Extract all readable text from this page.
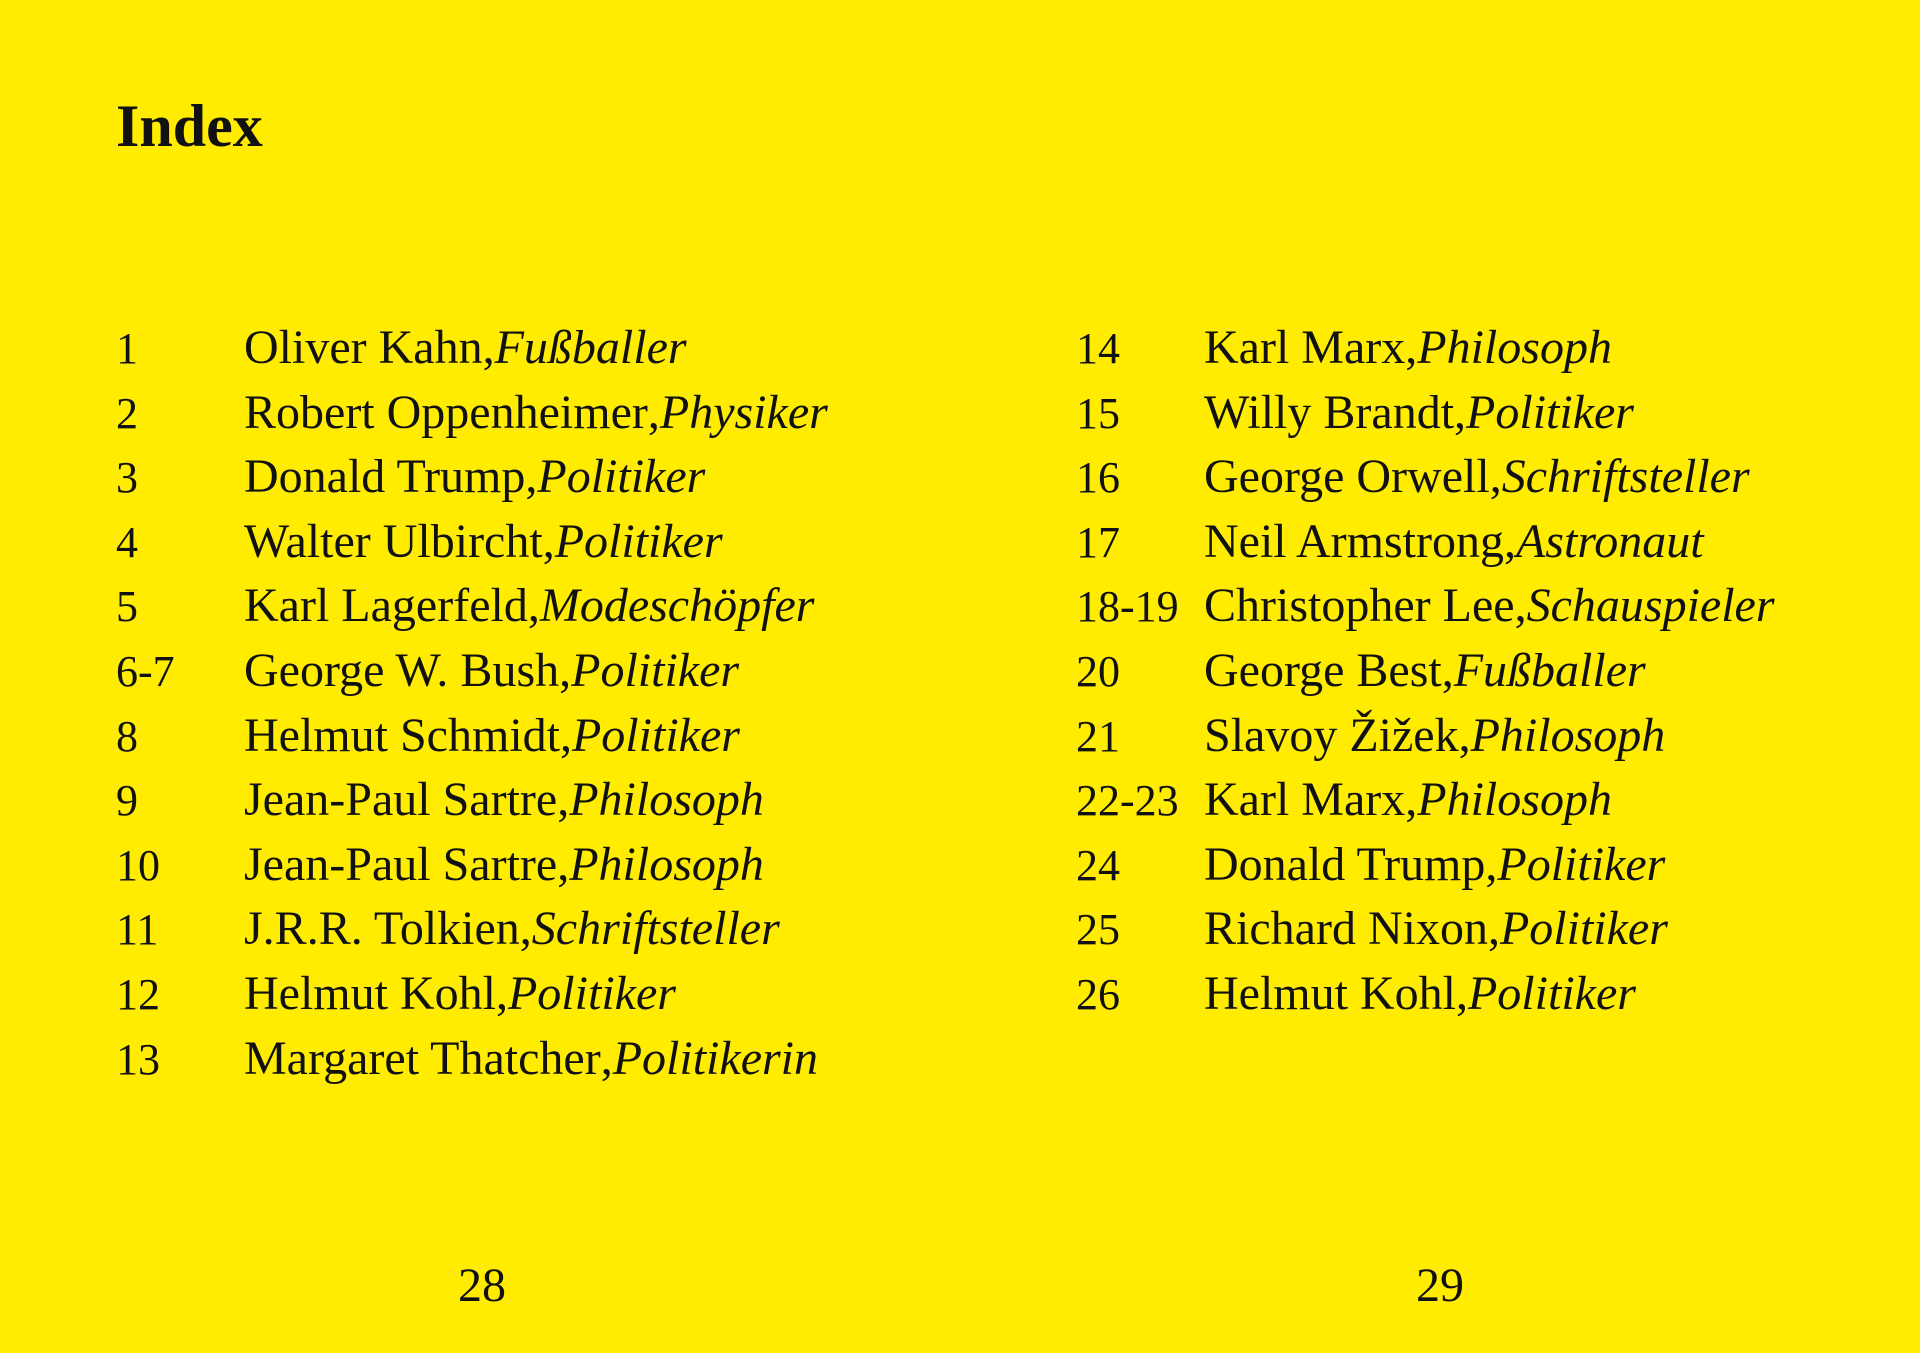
Index
1	Oliver Kahn , Fußballer
2	Robert Oppenheimer , Physiker
3	Donald Trump , Politiker
4	Walter Ulbircht , Politiker
5	Karl Lagerfeld , Modeschöpfer
6-7	George W. Bush , Politiker
8	Helmut Schmidt , Politiker
9	Jean-Paul Sartre , Philosoph
10	Jean-Paul Sartre , Philosoph
11	J.R.R. Tolkien , Schriftsteller
12	Helmut Kohl , Politiker
13	Margaret Thatcher , Politikerin
14	Karl Marx , Philosoph
15	Willy Brandt , Politiker
16	George Orwell , Schriftsteller
17	Neil Armstrong , Astronaut
18-19 Christopher Lee , Schauspieler
20	George Best , Fußballer
21	Slavoy Žižek , Philosoph
22-23 Karl Marx , Philosoph
24	Donald Trump , Politiker
25	Richard Nixon , Politiker
26	Helmut Kohl , Politiker
28	29
